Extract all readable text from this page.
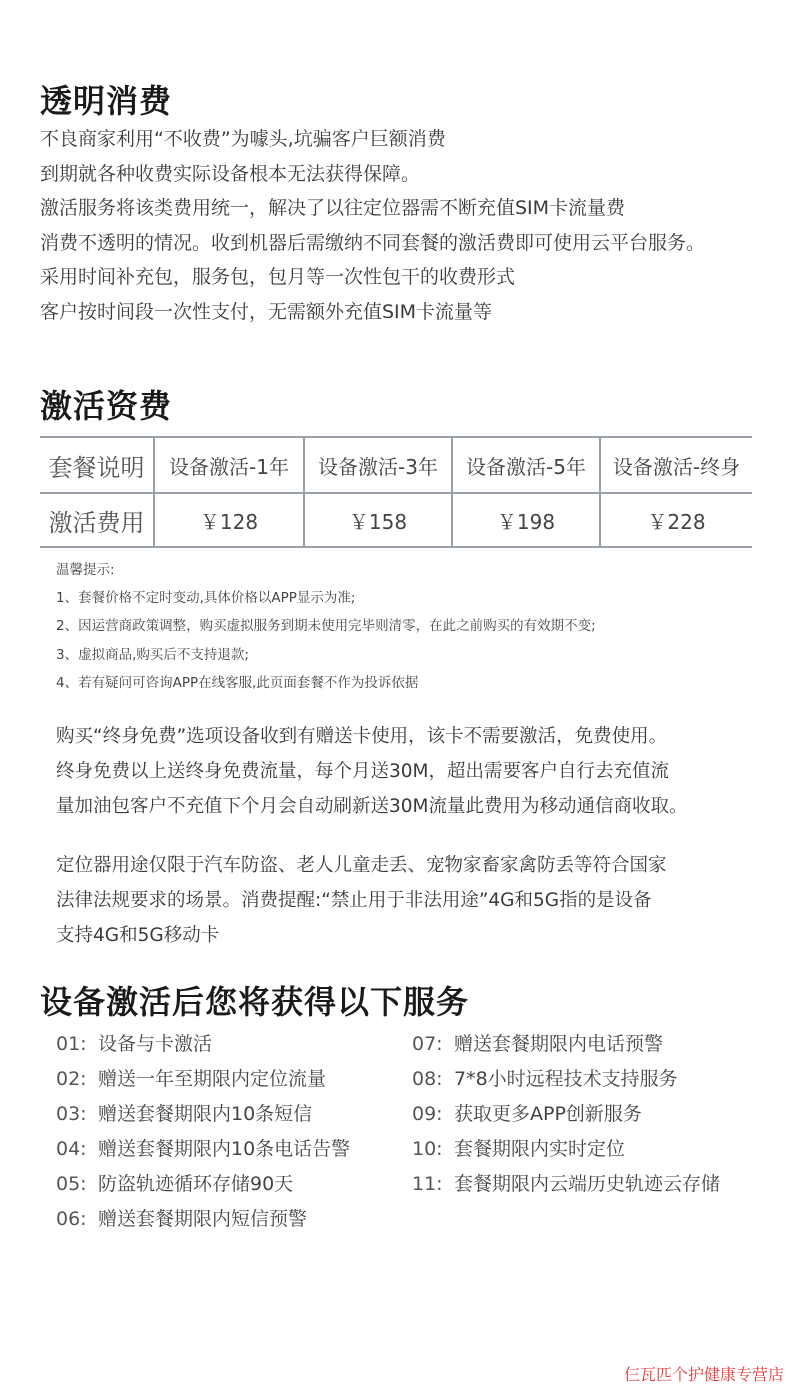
透明消费
不良商家利用“不收费”为噱头,坑骗客户巨额消费
到期就各种收费实际设备根本无法获得保障。
激活服务将该类费用统一，解决了以往定位器需不断充值SIM卡流量费
消费不透明的情况。收到机器后需缴纳不同套餐的激活费即可使用云平台服务。
采用时间补充包，服务包，包月等一次性包干的收费形式
客户按时间段一次性支付，无需额外充值SIM卡流量等
激活资费
套餐说明	设备激活-1年	设备激活-3年	设备激活-5年	设备激活-终身
激活费用	￥128	￥158	￥198	￥228
温馨提示:
1、套餐价格不定时变动,具体价格以APP显示为准;
2、因运营商政策调整，购买虚拟服务到期未使用完毕则清零，在此之前购买的有效期不变;
3、虚拟商品,购买后不支持退款;
4、若有疑问可咨询APP在线客服,此页面套餐不作为投诉依据
购买“终身免费”选项设备收到有赠送卡使用，该卡不需要激活，免费使用。
终身免费以上送终身免费流量，每个月送30M，超出需要客户自行去充值流
量加油包客户不充值下个月会自动刷新送30M流量此费用为移动通信商收取。
定位器用途仅限于汽车防盗、老人儿童走丢、宠物家畜家禽防丢等符合国家
法律法规要求的场景。消费提醒:“禁止用于非法用途”4G和5G指的是设备
支持4G和5G移动卡
设备激活后您将获得以下服务
01: 设备与卡激活
02: 赠送一年至期限内定位流量
03: 赠送套餐期限内10条短信
04: 赠送套餐期限内10条电话告警
05: 防盗轨迹循环存储90天
06: 赠送套餐期限内短信预警
07: 赠送套餐期限内电话预警
08: 7*8小时远程技术支持服务
09: 获取更多APP创新服务
10: 套餐期限内实时定位
11: 套餐期限内云端历史轨迹云存储
仨瓦匹个护健康专营店
